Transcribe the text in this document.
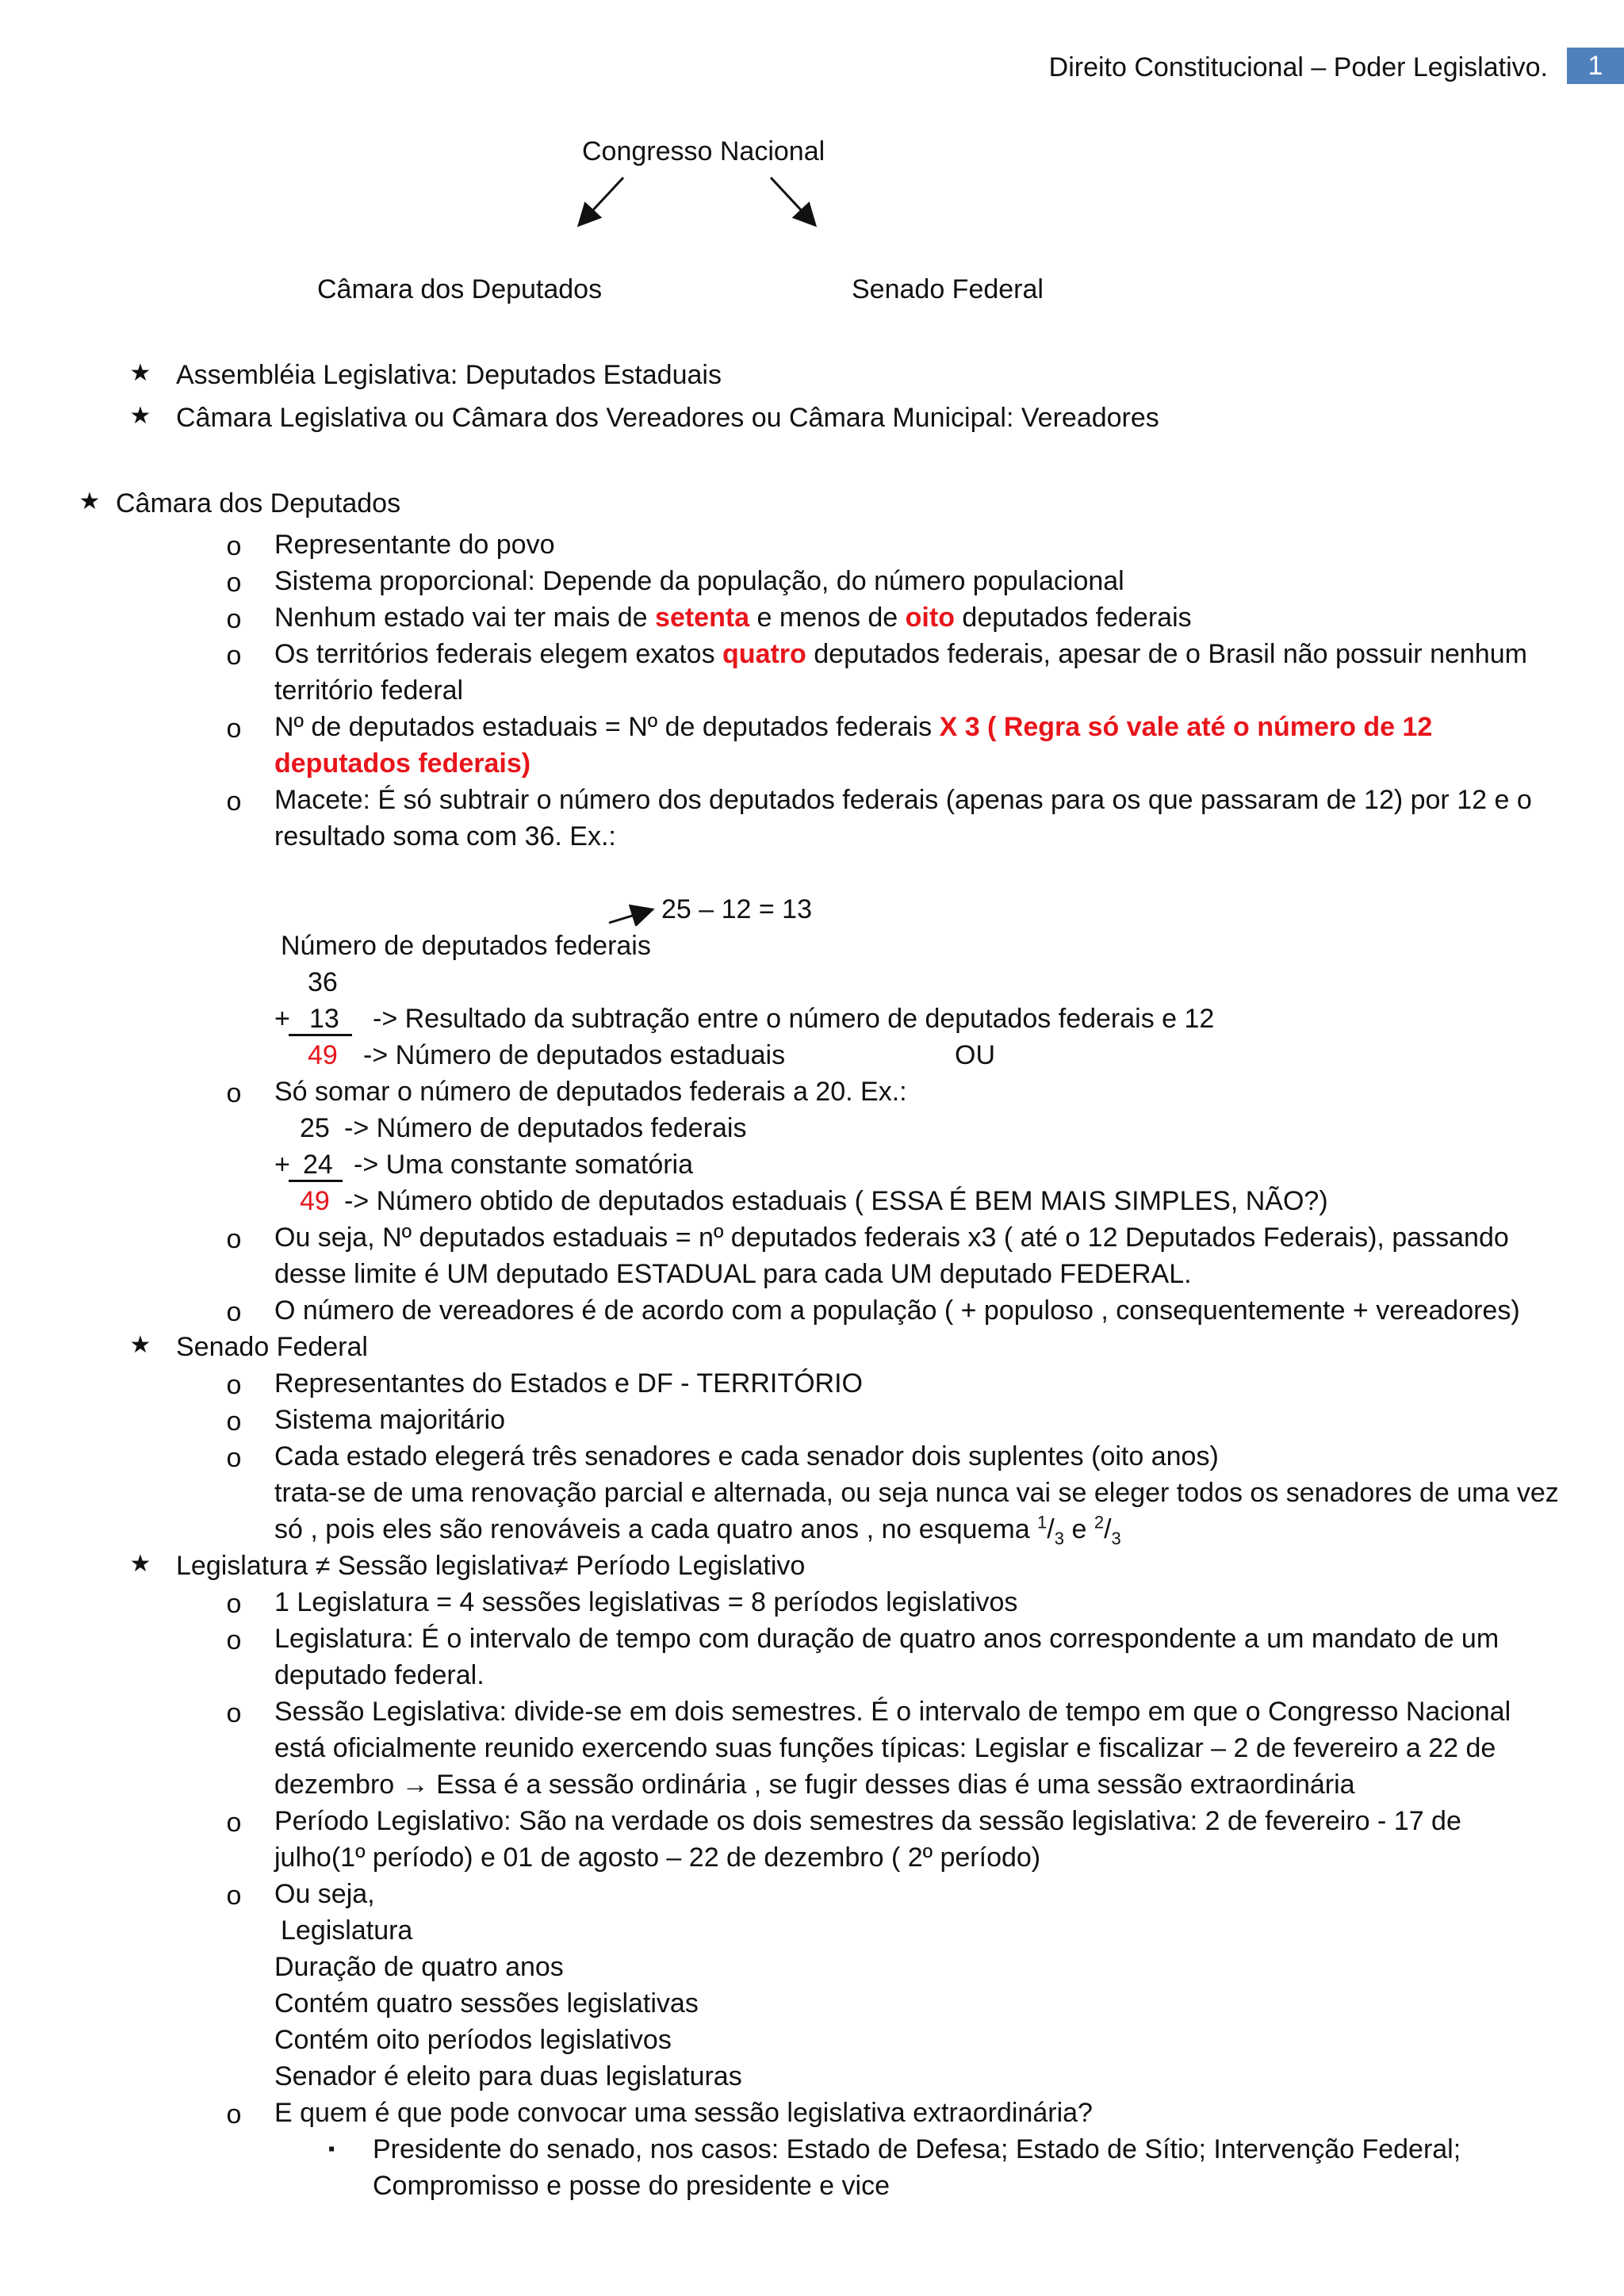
Direito Constitucional – Poder Legislativo.	1
Congresso Nacional
Câmara dos Deputados	Senado Federal
★ Assembléia Legislativa: Deputados Estaduais
★ Câmara Legislativa ou Câmara dos Vereadores ou Câmara Municipal: Vereadores
★ Câmara dos Deputados
o Representante do povo
o Sistema proporcional: Depende da população, do número populacional
o Nenhum estado vai ter mais de setenta e menos de oito deputados federais
o Os territórios federais elegem exatos quatro deputados federais, apesar de o Brasil não possuir nenhum
território federal
o Nº de deputados estaduais = Nº de deputados federais X 3 ( Regra só vale até o número de 12
deputados federais)
o Macete: É só subtrair o número dos deputados federais (apenas para os que passaram de 12) por 12 e o
resultado soma com 36. Ex.:
25 – 12 = 13
Número de deputados federais
36
+ 13 -> Resultado da subtração entre o número de deputados federais e 12
49 -> Número de deputados estaduais	OU
o Só somar o número de deputados federais a 20. Ex.:
25 -> Número de deputados federais
+ 24 -> Uma constante somatória
49 -> Número obtido de deputados estaduais ( ESSA É BEM MAIS SIMPLES, NÃO?)
o Ou seja, Nº deputados estaduais = nº deputados federais x3 ( até o 12 Deputados Federais), passando
desse limite é UM deputado ESTADUAL para cada UM deputado FEDERAL.
o O número de vereadores é de acordo com a população ( + populoso , consequentemente + vereadores)
★ Senado Federal
o Representantes do Estados e DF - TERRITÓRIO
o Sistema majoritário
o Cada estado elegerá três senadores e cada senador dois suplentes (oito anos)
trata-se de uma renovação parcial e alternada, ou seja nunca vai se eleger todos os senadores de uma vez
só , pois eles são renováveis a cada quatro anos , no esquema $^1/_3$ e $^2/_3$
★ Legislatura ≠ Sessão legislativa≠ Período Legislativo
o 1 Legislatura = 4 sessões legislativas = 8 períodos legislativos
o Legislatura: É o intervalo de tempo com duração de quatro anos correspondente a um mandato de um
deputado federal.
o Sessão Legislativa: divide-se em dois semestres. É o intervalo de tempo em que o Congresso Nacional
está oficialmente reunido exercendo suas funções típicas: Legislar e fiscalizar – 2 de fevereiro a 22 de
dezembro → Essa é a sessão ordinária , se fugir desses dias é uma sessão extraordinária
o Período Legislativo: São na verdade os dois semestres da sessão legislativa: 2 de fevereiro - 17 de
julho(1º período) e 01 de agosto – 22 de dezembro ( 2º período)
o Ou seja,
Legislatura
Duração de quatro anos
Contém quatro sessões legislativas
Contém oito períodos legislativos
Senador é eleito para duas legislaturas
o E quem é que pode convocar uma sessão legislativa extraordinária?
▪ Presidente do senado, nos casos: Estado de Defesa; Estado de Sítio; Intervenção Federal;
Compromisso e posse do presidente e vice
